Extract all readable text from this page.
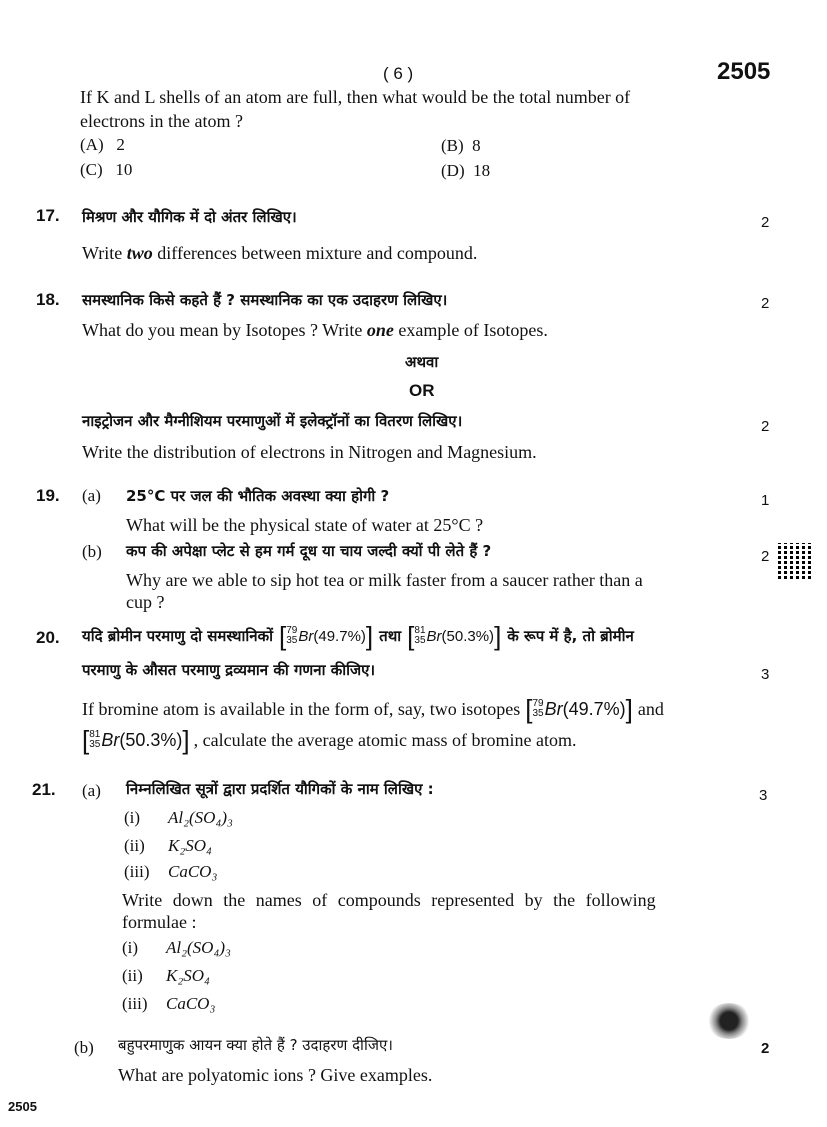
( 6 )	2505
If K and L shells of an atom are full, then what would be the total number of
electrons in the atom ?
(A) 2	(B) 8
(C) 10	(D) 18
17. मिश्रण और यौगिक में दो अंतर लिखिए।	2
Write two differences between mixture and compound.
18. समस्थानिक किसे कहते हैं ? समस्थानिक का एक उदाहरण लिखिए।	2
What do you mean by Isotopes ? Write one example of Isotopes.
अथवा
OR
नाइट्रोजन और मैग्नीशियम परमाणुओं में इलेक्ट्रॉनों का वितरण लिखिए।	2
Write the distribution of electrons in Nitrogen and Magnesium.
19. (a) 25°C पर जल की भौतिक अवस्था क्या होगी ?	1
What will be the physical state of water at 25°C ?
(b) कप की अपेक्षा प्लेट से हम गर्म दूध या चाय जल्दी क्यों पी लेते हैं ?	2
Why are we able to sip hot tea or milk faster from a saucer rather than a
cup ?
20. यदि ब्रोमीन परमाणु दो समस्थानिकों [ 79
35 Br (49.7%) ] तथा [ 81
35 Br (50.3%) ] के रूप में है, तो ब्रोमीन
परमाणु के औसत परमाणु द्रव्यमान की गणना कीजिए।	3
If bromine atom is available in the form of, say, two isotopes [ 79
35 Br (49.7%) ] and
[ 81
35 Br (50.3%) ] , calculate the average atomic mass of bromine atom.
21. (a) निम्नलिखित सूत्रों द्वारा प्रदर्शित यौगिकों के नाम लिखिए :	3
(i) Al₂(SO₄)₃
(ii) K₂SO₄
(iii) CaCO₃
Write down the names of compounds represented by the following
formulae :
(i) Al₂(SO₄)₃
(ii) K₂SO₄
(iii) CaCO₃
(b) बहुपरमाणुक आयन क्या होते हैं ? उदाहरण दीजिए।	2
What are polyatomic ions ? Give examples.
2505
